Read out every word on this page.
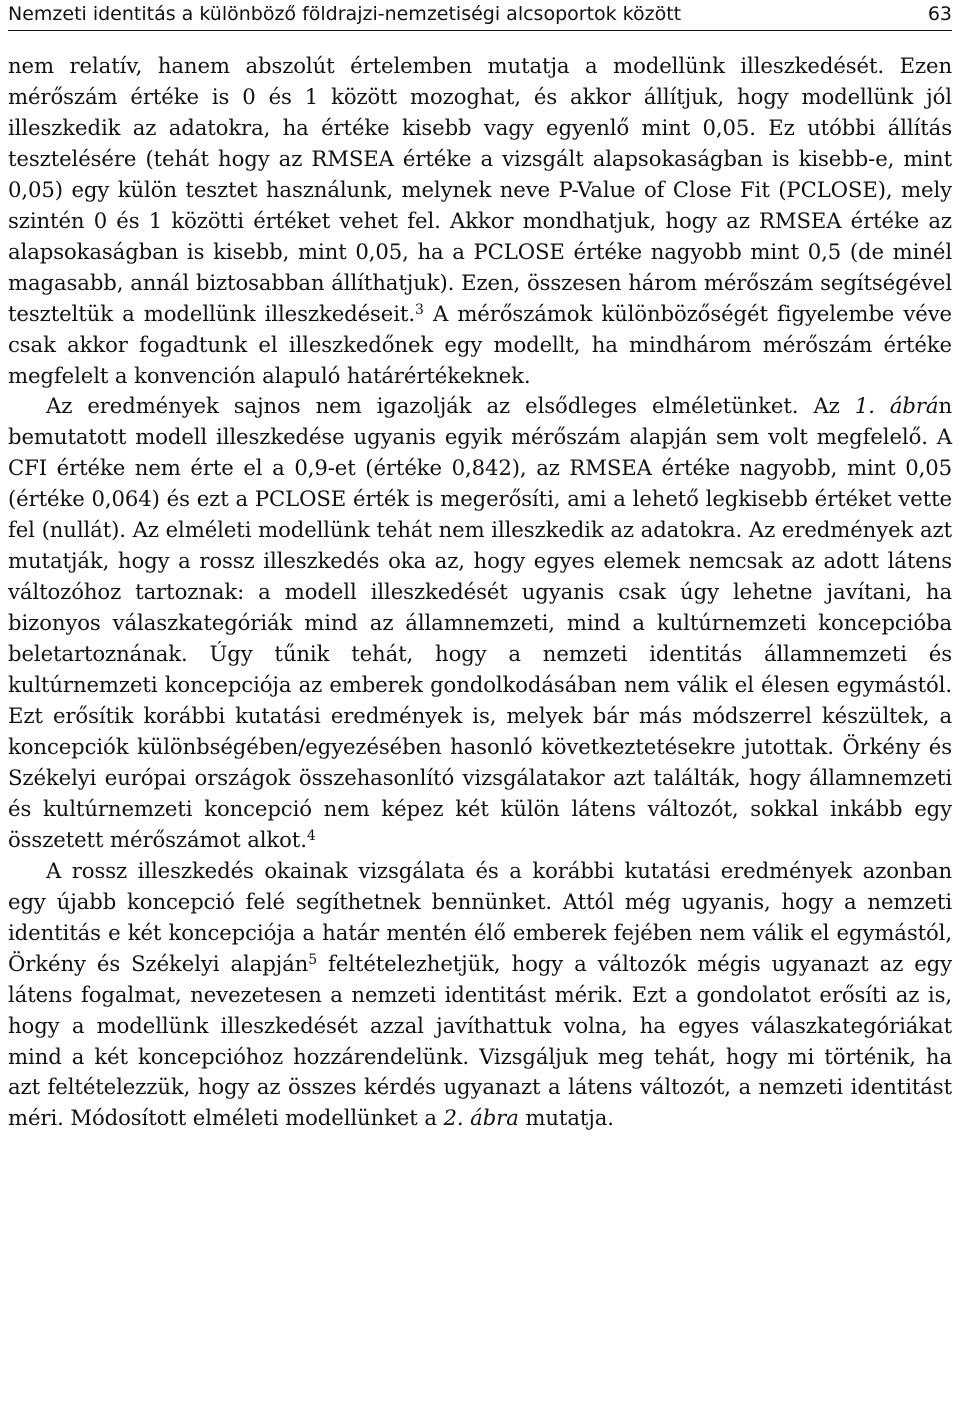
Nemzeti identitás a különböző földrajzi-nemzetiségi alcsoportok között	63

nem relatív, hanem abszolút értelemben mutatja a modellünk illeszkedését. Ezen mérőszám értéke is 0 és 1 között mozoghat, és akkor állítjuk, hogy modellünk jól illeszkedik az adatokra, ha értéke kisebb vagy egyenlő mint 0,05. Ez utóbbi állítás tesztelésére (tehát hogy az RMSEA értéke a vizsgált alapsokaságban is kisebb-e, mint 0,05) egy külön tesztet használunk, melynek neve P-Value of Close Fit (PCLOSE), mely szintén 0 és 1 közötti értéket vehet fel. Akkor mondhatjuk, hogy az RMSEA értéke az alapsokaságban is kisebb, mint 0,05, ha a PCLOSE értéke nagyobb mint 0,5 (de minél magasabb, annál biztosabban állíthatjuk). Ezen, összesen három mérőszám segítségével teszteltük a modellünk illeszkedéseit.$^3$ A mérőszámok különbözőségét figyelembe véve csak akkor fogadtunk el illeszkedőnek egy modellt, ha mindhárom mérőszám értéke megfelelt a konvención alapuló határértékeknek.

Az eredmények sajnos nem igazolják az elsődleges elméletünket. Az 1. ábrán bemutatott modell illeszkedése ugyanis egyik mérőszám alapján sem volt megfelelő. A CFI értéke nem érte el a 0,9-et (értéke 0,842), az RMSEA értéke nagyobb, mint 0,05 (értéke 0,064) és ezt a PCLOSE érték is megerősíti, ami a lehető legkisebb értéket vette fel (nullát). Az elméleti modellünk tehát nem illeszkedik az adatokra. Az eredmények azt mutatják, hogy a rossz illeszkedés oka az, hogy egyes elemek nemcsak az adott látens változóhoz tartoznak: a modell illeszkedését ugyanis csak úgy lehetne javítani, ha bizonyos válaszkategóriák mind az államnemzeti, mind a kultúrnemzeti koncepcióba beletartoznának. Úgy tűnik tehát, hogy a nemzeti identitás államnemzeti és kultúrnemzeti koncepciója az emberek gondolkodásában nem válik el élesen egymástól. Ezt erősítik korábbi kutatási eredmények is, melyek bár más módszerrel készültek, a koncepciók különbségében/egyezésében hasonló következtetésekre jutottak. Örkény és Székelyi európai országok összehasonlító vizsgálatakor azt találták, hogy államnemzeti és kultúrnemzeti koncepció nem képez két külön látens változót, sokkal inkább egy összetett mérőszámot alkot.$^4$

A rossz illeszkedés okainak vizsgálata és a korábbi kutatási eredmények azonban egy újabb koncepció felé segíthetnek bennünket. Attól még ugyanis, hogy a nemzeti identitás e két koncepciója a határ mentén élő emberek fejében nem válik el egymástól, Örkény és Székelyi alapján$^5$ feltételezhetjük, hogy a változók mégis ugyanazt az egy látens fogalmat, nevezetesen a nemzeti identitást mérik. Ezt a gondolatot erősíti az is, hogy a modellünk illeszkedését azzal javíthattuk volna, ha egyes válaszkategóriákat mind a két koncepcióhoz hozzárendelünk. Vizsgáljuk meg tehát, hogy mi történik, ha azt feltételezzük, hogy az összes kérdés ugyanazt a látens változót, a nemzeti identitást méri. Módosított elméleti modellünket a 2. ábra mutatja.
